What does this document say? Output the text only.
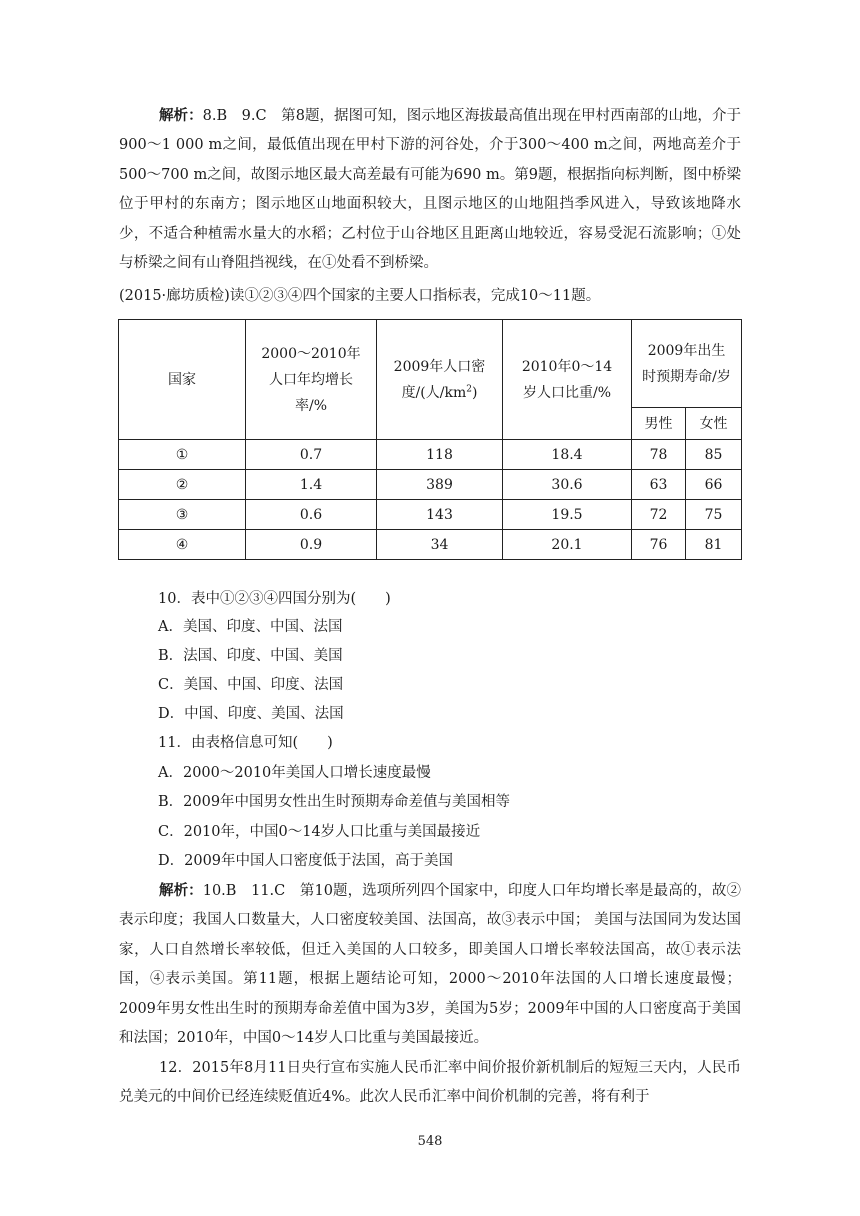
解析：8.B　9.C　第8题，据图可知，图示地区海拔最高值出现在甲村西南部的山地，介于900～1 000 m之间，最低值出现在甲村下游的河谷处，介于300～400 m之间，两地高差介于500～700 m之间，故图示地区最大高差最有可能为690 m。第9题，根据指向标判断，图中桥梁位于甲村的东南方；图示地区山地面积较大，且图示地区的山地阻挡季风进入，导致该地降水少，不适合种植需水量大的水稻；乙村位于山谷地区且距离山地较近，容易受泥石流影响；①处与桥梁之间有山脊阻挡视线，在①处看不到桥梁。

(2015·廊坊质检)读①②③④四个国家的主要人口指标表，完成10～11题。

国家	2000～2010年人口年均增长率/%	2009年人口密度/(人$/km^2$)	2010年0～14岁人口比重/%	2009年出生时预期寿命/岁	
				男性	女性
①	0.7	118	18.4	78	85
②	1.4	389	30.6	63	66
③	0.6	143	19.5	72	75
④	0.9	34	20.1	76	81

10．表中①②③④四国分别为(　　)

A．美国、印度、中国、法国

B．法国、印度、中国、美国

C．美国、中国、印度、法国

D．中国、印度、美国、法国

11．由表格信息可知(　　)

A．2000～2010年美国人口增长速度最慢

B．2009年中国男女性出生时预期寿命差值与美国相等

C．2010年，中国0～14岁人口比重与美国最接近

D．2009年中国人口密度低于法国，高于美国

解析：10.B　11.C　第10题，选项所列四个国家中，印度人口年均增长率是最高的，故②表示印度；我国人口数量大，人口密度较美国、法国高，故③表示中国； 美国与法国同为发达国家，人口自然增长率较低，但迁入美国的人口较多，即美国人口增长率较法国高，故①表示法国，④表示美国。第11题，根据上题结论可知，2000～2010年法国的人口增长速度最慢；2009年男女性出生时的预期寿命差值中国为3岁，美国为5岁；2009年中国的人口密度高于美国和法国；2010年，中国0～14岁人口比重与美国最接近。

12．2015年8月11日央行宣布实施人民币汇率中间价报价新机制后的短短三天内，人民币兑美元的中间价已经连续贬值近4%。此次人民币汇率中间价机制的完善，将有利于

548
